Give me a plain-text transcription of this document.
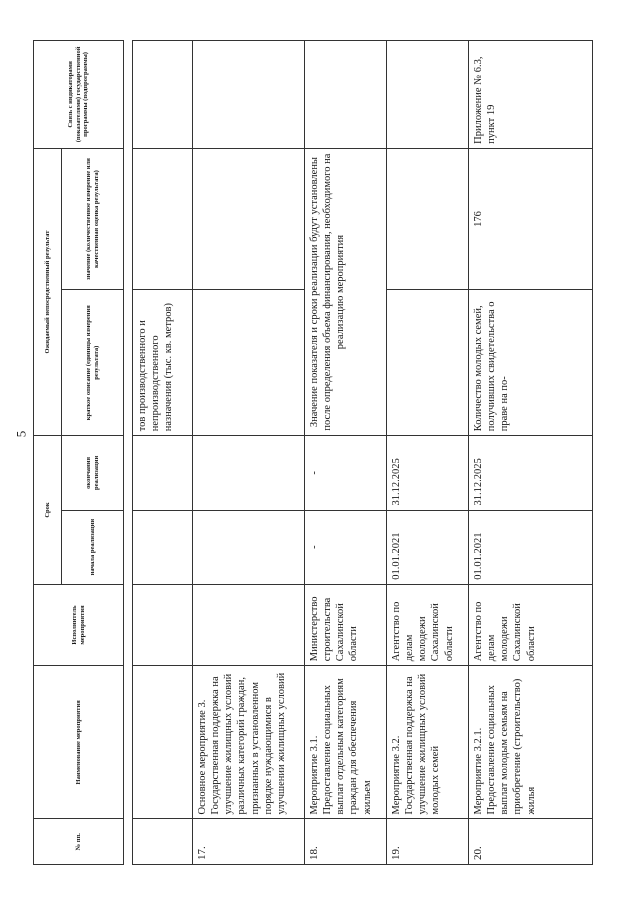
5
№ пп.	Наименование мероприятия	Исполнитель мероприятия	Срок		Ожидаемый непосредственный результат		Связь с индикаторами (показателями) государственной программы (подпрограммы)
			начала реализации	окончания реализации	краткое описание (единицы измерения результата)	значение (количественное измерение или качественная оценка результата)	

					тов производственного и непроизводственного назначения (тыс. кв. метров)		
17.	Основное мероприятие 3. Государственная поддержка на улучшение жилищных условий различных категорий граждан, признанных в установленном порядке нуждающимися в улучшении жилищных условий						
18.	Мероприятие 3.1. Предоставление социальных выплат отдельным категориям граждан для обеспечения жильем	Министерство строительства Сахалинской области	-	-	Значение показателя и сроки реализации будут установлены после определения объема финансирования, необходимого на реализацию мероприятия		
19.	Мероприятие 3.2. Государственная поддержка на улучшение жилищных условий молодых семей	Агентство по делам молодежи Сахалинской области	01.01.2021	31.12.2025			
20.	Мероприятие 3.2.1. Предоставление социальных выплат молодым семьям на приобретение (строительство) жилья	Агентство по делам молодежи Сахалинской области	01.01.2021	31.12.2025	Количество молодых семей, получивших свидетельства о праве на по-	176	Приложение № 6.3, пункт 19
